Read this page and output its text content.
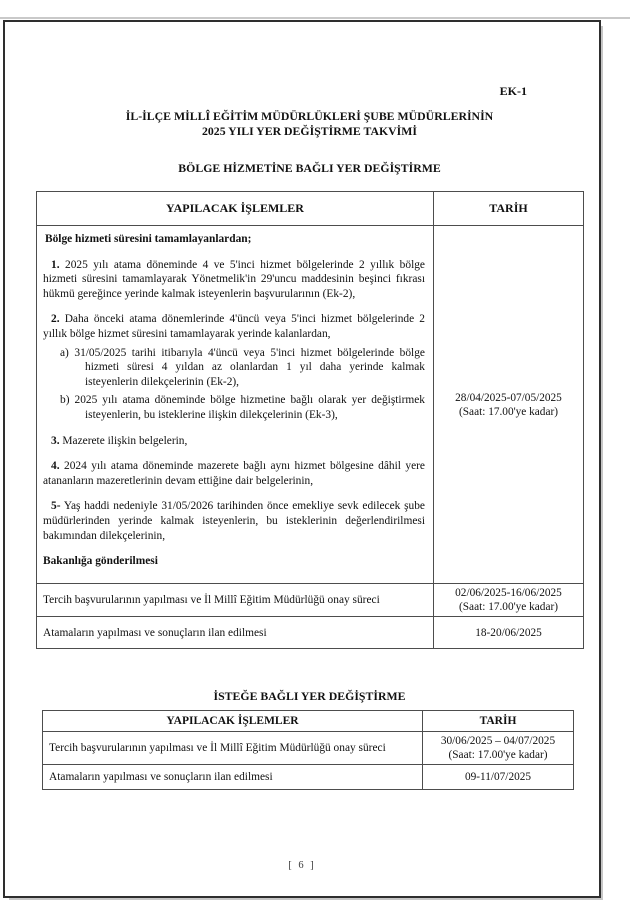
EK-1
İL-İLÇE MİLLÎ EĞİTİM MÜDÜRLÜKLERİ ŞUBE MÜDÜRLERİNİN
2025 YILI YER DEĞİŞTİRME TAKVİMİ
BÖLGE HİZMETİNE BAĞLI YER DEĞİŞTİRME
YAPILACAK İŞLEMLER	TARİH

Bölge hizmeti süresini tamamlayanlardan;

1. 2025 yılı atama döneminde 4 ve 5'inci hizmet bölgelerinde 2 yıllık bölge hizmeti süresini tamamlayarak Yönetmelik'in 29'uncu maddesinin beşinci fıkrası hükmü gereğince yerinde kalmak isteyenlerin başvurularının (Ek-2),

2. Daha önceki atama dönemlerinde 4'üncü veya 5'inci hizmet bölgelerinde 2 yıllık bölge hizmet süresini tamamlayarak yerinde kalanlardan,

a) 31/05/2025 tarihi itibarıyla 4'üncü veya 5'inci hizmet bölgelerinde bölge hizmeti süresi 4 yıldan az olanlardan 1 yıl daha yerinde kalmak isteyenlerin dilekçelerinin (Ek-2),

b) 2025 yılı atama döneminde bölge hizmetine bağlı olarak yer değiştirmek isteyenlerin, bu isteklerine ilişkin dilekçelerinin (Ek-3),

3. Mazerete ilişkin belgelerin,

4. 2024 yılı atama döneminde mazerete bağlı aynı hizmet bölgesine dâhil yere atananların mazeretlerinin devam ettiğine dair belgelerinin,

5- Yaş haddi nedeniyle 31/05/2026 tarihinden önce emekliye sevk edilecek şube müdürlerinden yerinde kalmak isteyenlerin, bu isteklerinin değerlendirilmesi bakımından dilekçelerinin,

Bakanlığa gönderilmesi

28/04/2025-07/05/2025
(Saat: 17.00'ye kadar)

Tercih başvurularının yapılması ve İl Millî Eğitim Müdürlüğü onay süreci	02/06/2025-16/06/2025
(Saat: 17.00'ye kadar)

Atamaların yapılması ve sonuçların ilan edilmesi	18-20/06/2025
İSTEĞE BAĞLI YER DEĞİŞTİRME
YAPILACAK İŞLEMLER	TARİH
Tercih başvurularının yapılması ve İl Millî Eğitim Müdürlüğü onay süreci	30/06/2025 – 04/07/2025
(Saat: 17.00'ye kadar)

Atamaların yapılması ve sonuçların ilan edilmesi	09-11/07/2025
[ 6 ]
